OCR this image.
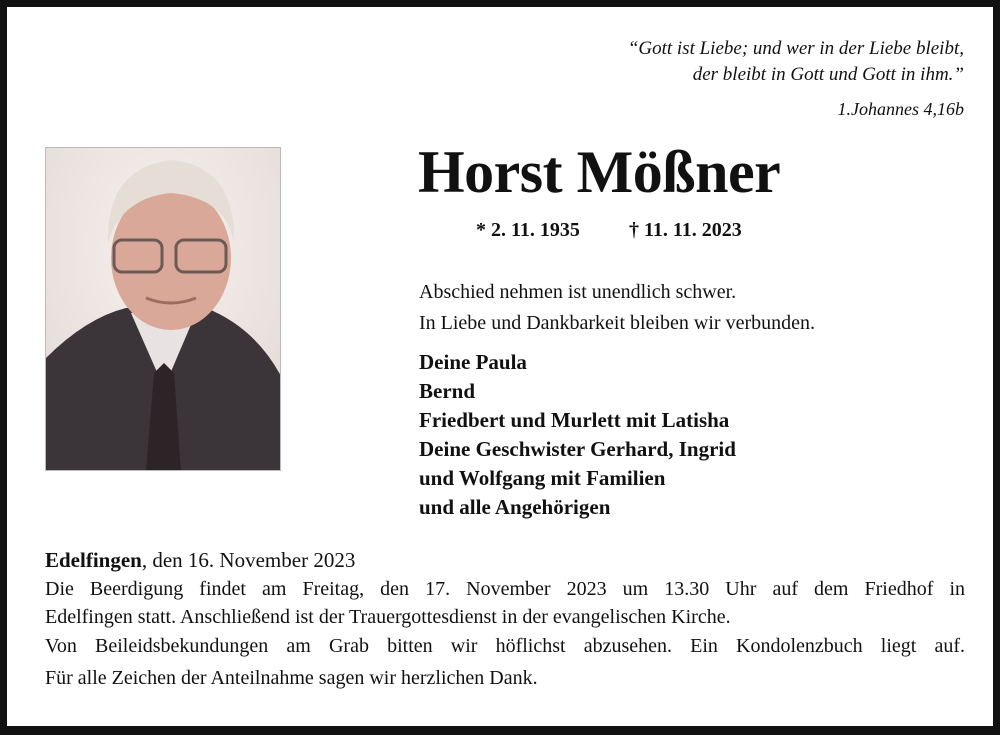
“Gott ist Liebe; und wer in der Liebe bleibt,
der bleibt in Gott und Gott in ihm.”
1.Johannes 4,16b
Horst Mößner
* 2. 11. 1935 † 11. 11. 2023
Abschied nehmen ist unendlich schwer.
In Liebe und Dankbarkeit bleiben wir verbunden.
Deine Paula
Bernd
Friedbert und Murlett mit Latisha
Deine Geschwister Gerhard, Ingrid
und Wolfgang mit Familien
und alle Angehörigen
Edelfingen, den 16. November 2023
Die Beerdigung findet am Freitag, den 17. November 2023 um 13.30 Uhr auf dem Friedhof in
Edelfingen statt. Anschließend ist der Trauergottesdienst in der evangelischen Kirche.
Von Beileidsbekundungen am Grab bitten wir höflichst abzusehen. Ein Kondolenzbuch liegt auf.
Für alle Zeichen der Anteilnahme sagen wir herzlichen Dank.
